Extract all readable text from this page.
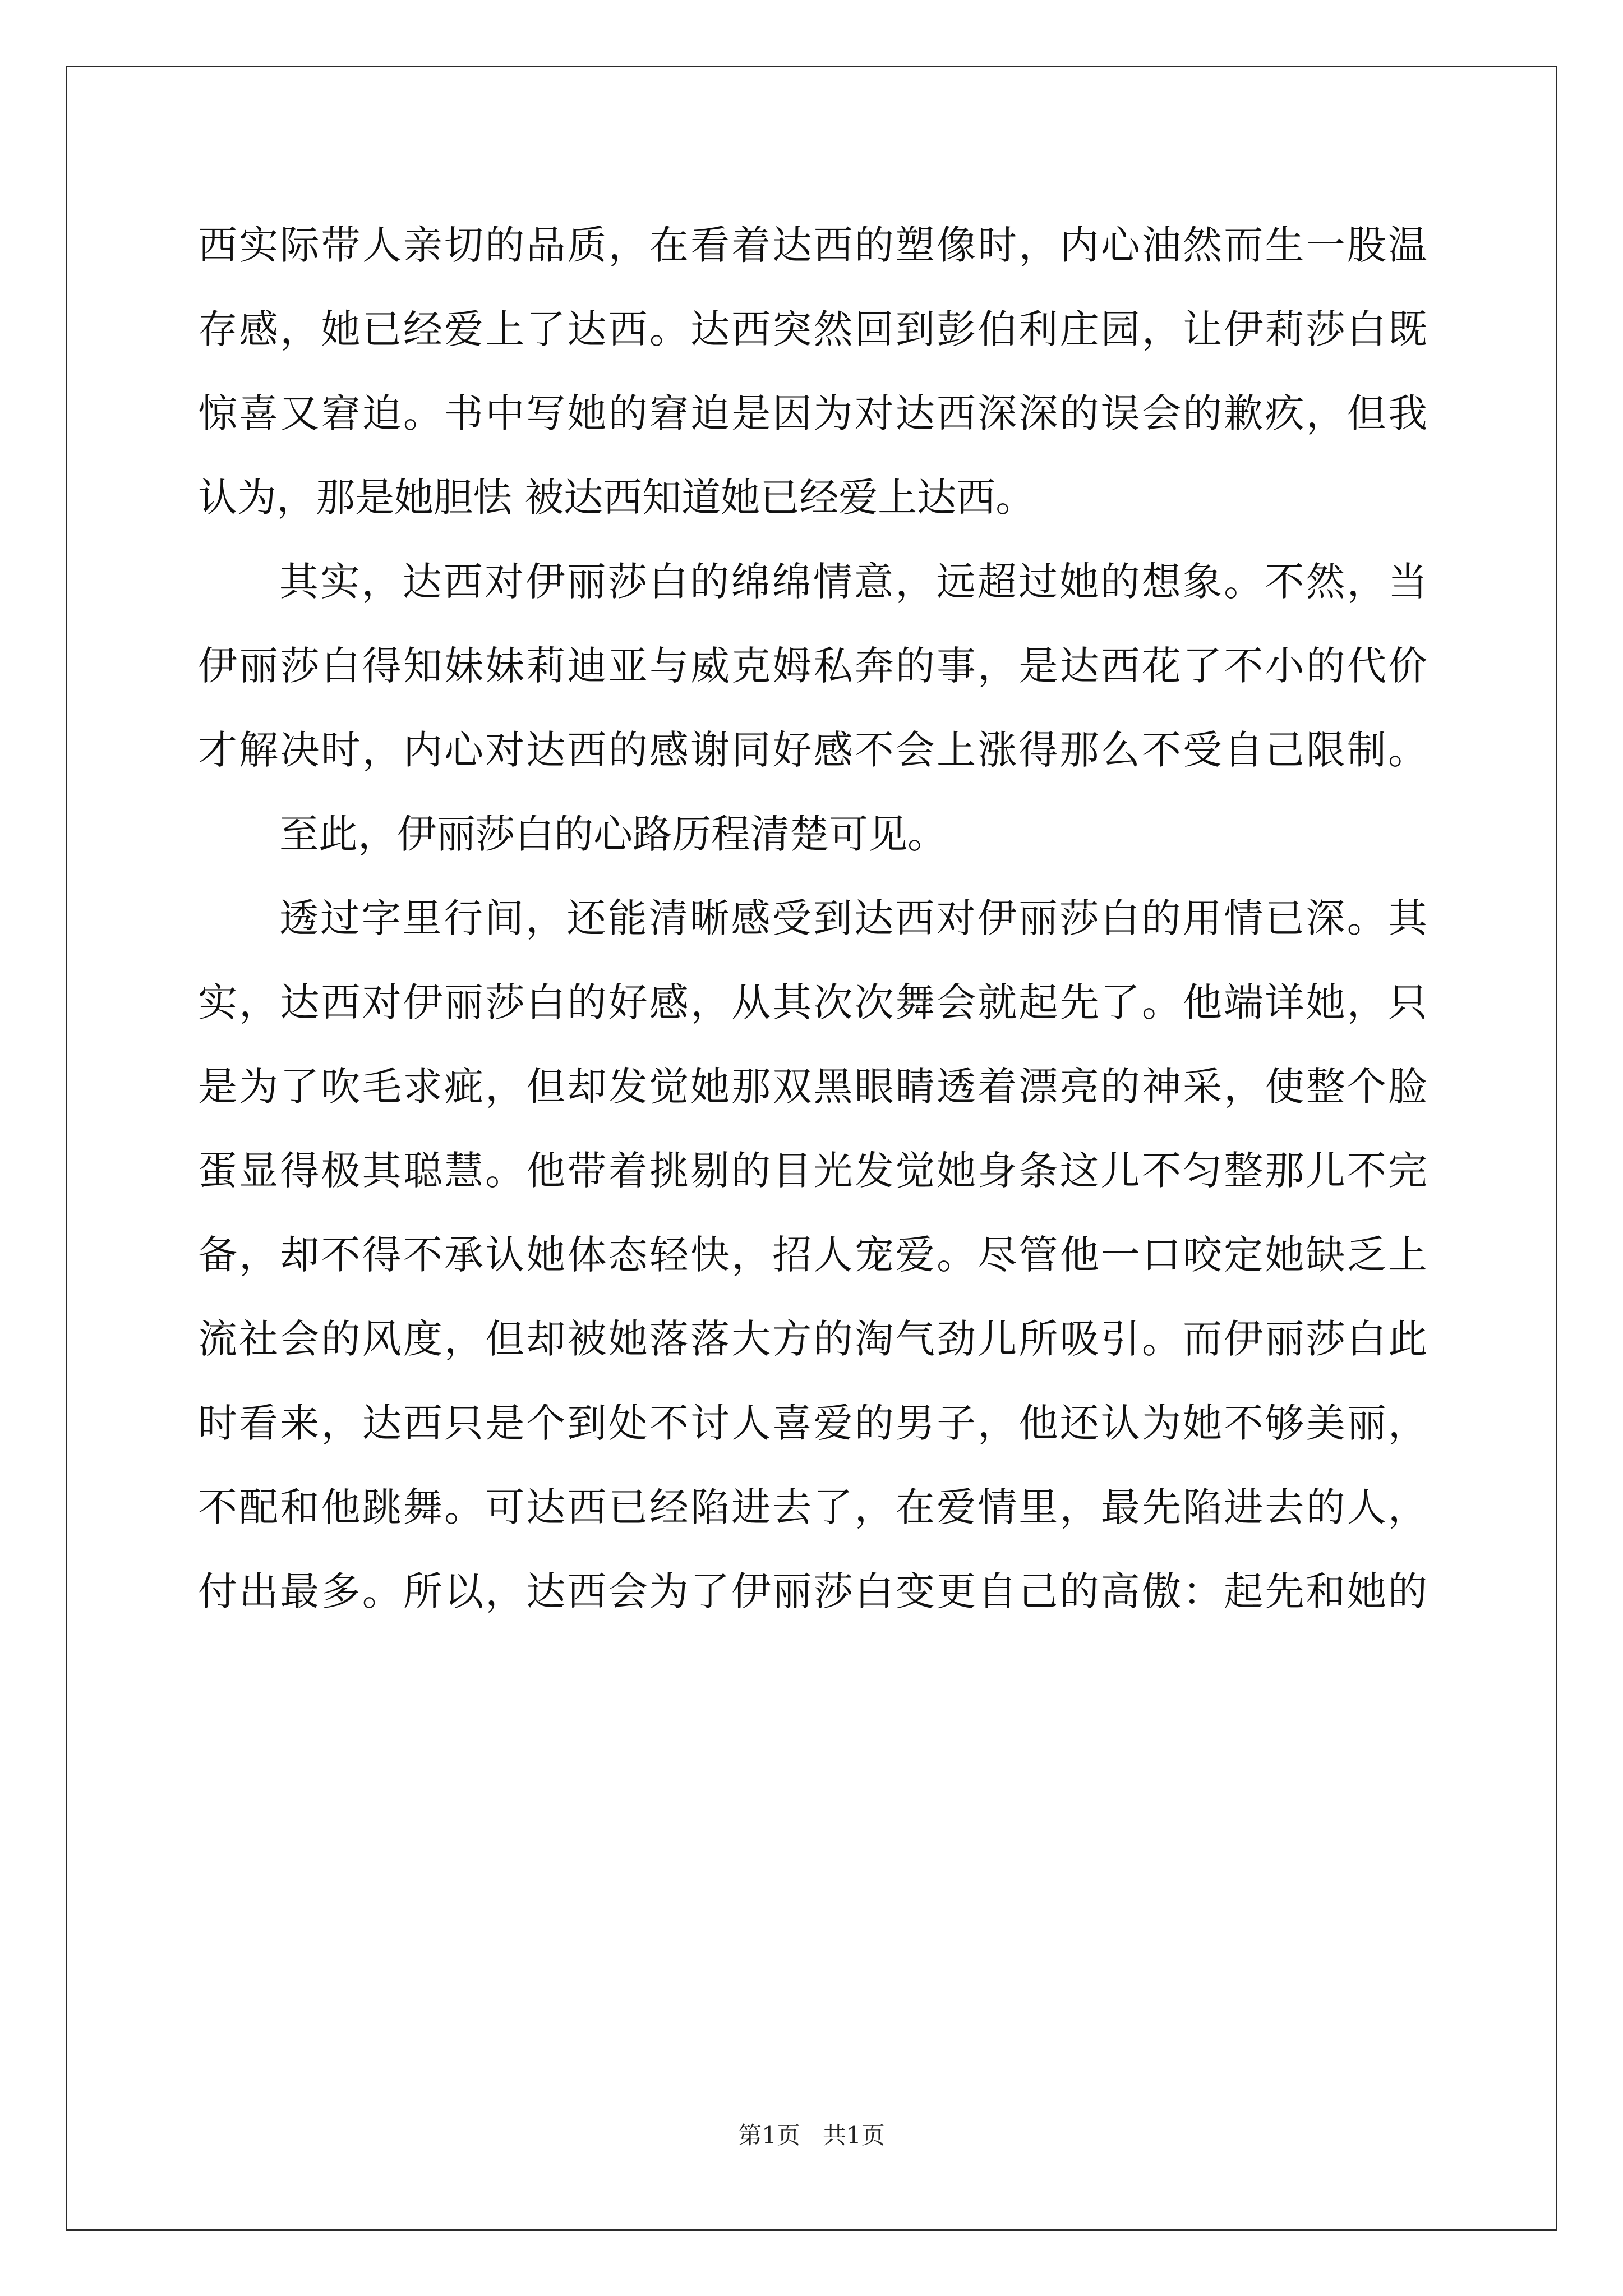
西实际带人亲切的品质，在看着达西的塑像时，内心油然而生一股温
存感，她已经爱上了达西。达西突然回到彭伯利庄园，让伊莉莎白既
惊喜又窘迫。书中写她的窘迫是因为对达西深深的误会的歉疚，但我
认为，那是她胆怯 被达西知道她已经爱上达西。
其实，达西对伊丽莎白的绵绵情意，远超过她的想象。不然，当
伊丽莎白得知妹妹莉迪亚与威克姆私奔的事，是达西花了不小的代价
才解决时，内心对达西的感谢同好感不会上涨得那么不受自己限制。
至此，伊丽莎白的心路历程清楚可见。
透过字里行间，还能清晰感受到达西对伊丽莎白的用情已深。其
实，达西对伊丽莎白的好感，从其次次舞会就起先了。他端详她，只
是为了吹毛求疵，但却发觉她那双黑眼睛透着漂亮的神采，使整个脸
蛋显得极其聪慧。他带着挑剔的目光发觉她身条这儿不匀整那儿不完
备，却不得不承认她体态轻快，招人宠爱。尽管他一口咬定她缺乏上
流社会的风度，但却被她落落大方的淘气劲儿所吸引。而伊丽莎白此
时看来，达西只是个到处不讨人喜爱的男子，他还认为她不够美丽，
不配和他跳舞。可达西已经陷进去了，在爱情里，最先陷进去的人，
付出最多。所以，达西会为了伊丽莎白变更自己的高傲：起先和她的
第1页 共1页
